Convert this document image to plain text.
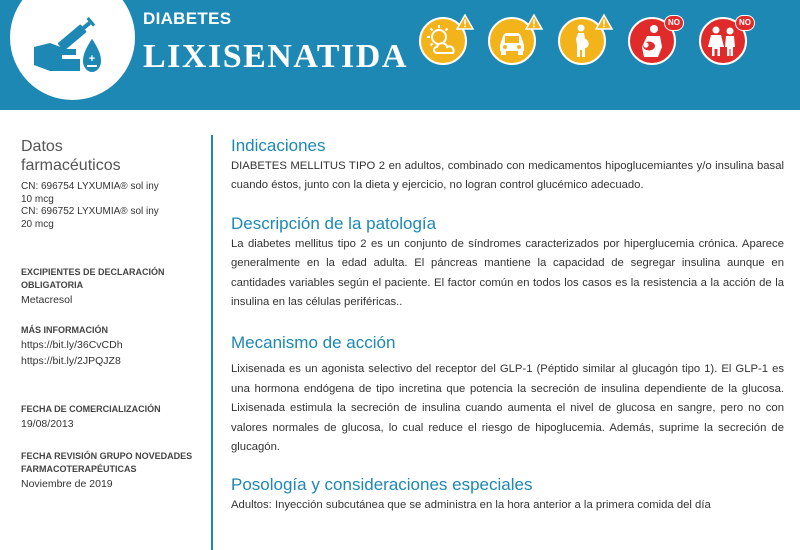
+
DIABETES
LIXISENATIDA
NO	NO
Datos
farmacéuticos
CN: 696754 LYXUMIA® sol iny
10 mcg
CN: 696752 LYXUMIA® sol iny
20 mcg
EXCIPIENTES DE DECLARACIÓN
OBLIGATORIA
Metacresol
MÁS INFORMACIÓN
https://bit.ly/36CvCDh
https://bit.ly/2JPQJZ8
FECHA DE COMERCIALIZACIÓN
19/08/2013
FECHA REVISIÓN GRUPO NOVEDADES
FARMACOTERAPÉUTICAS
Noviembre de 2019
Indicaciones
DIABETES MELLITUS TIPO 2 en adultos, combinado con medicamentos hipoglucemiantes y/o insulina basal cuando éstos, junto con la dieta y ejercicio, no logran control glucémico adecuado.
Descripción de la patología
La diabetes mellitus tipo 2 es un conjunto de síndromes caracterizados por hiperglucemia crónica. Aparece generalmente en la edad adulta. El páncreas mantiene la capacidad de segregar insulina aunque en cantidades variables según el paciente. El factor común en todos los casos es la resistencia a la acción de la insulina en las células periféricas..
Mecanismo de acción
Lixisenada es un agonista selectivo del receptor del GLP-1 (Péptido similar al glucagón tipo 1). El GLP-1 es una hormona endógena de tipo incretina que potencia la secreción de insulina dependiente de la glucosa. Lixisenada estimula la secreción de insulina cuando aumenta el nivel de glucosa en sangre, pero no con valores normales de glucosa, lo cual reduce el riesgo de hipoglucemia. Además, suprime la secreción de glucagón.
Posología y consideraciones especiales
Adultos: Inyección subcutánea que se administra en la hora anterior a la primera comida del día
